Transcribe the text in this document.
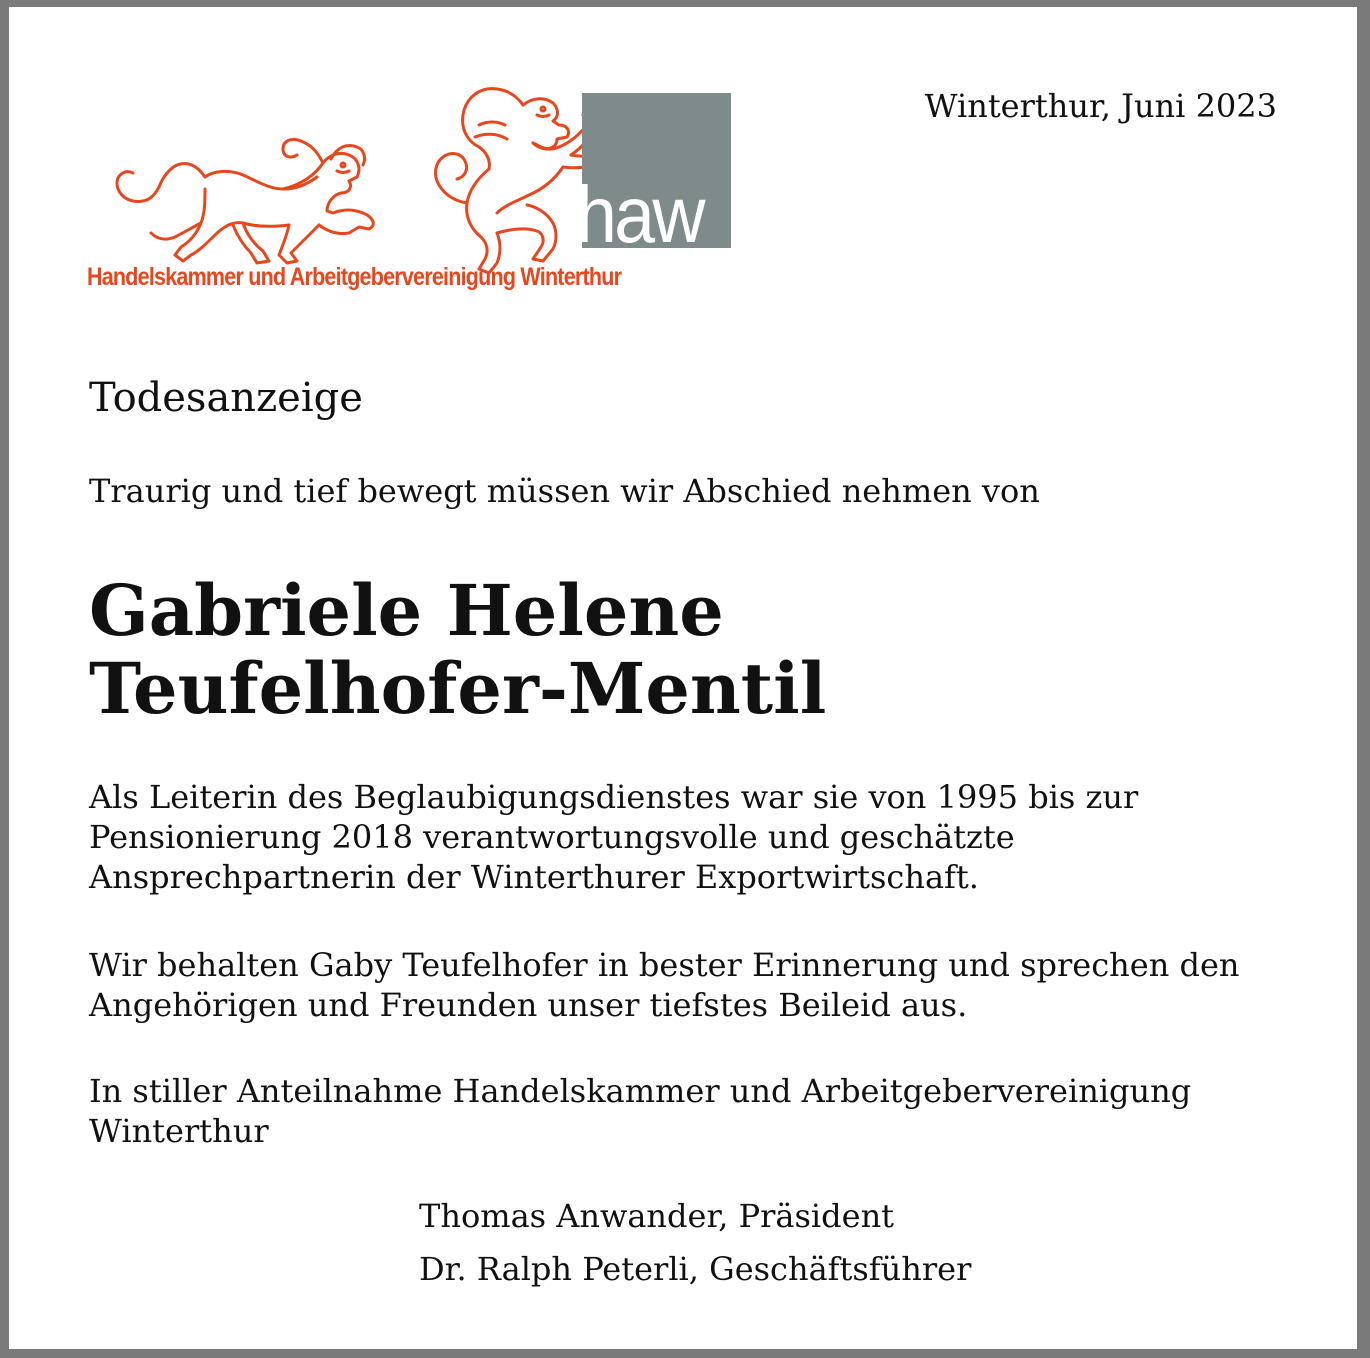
haw
Handelskammer und Arbeitgebervereinigung Winterthur
Winterthur, Juni 2023
Todesanzeige
Traurig und tief bewegt müssen wir Abschied nehmen von
Gabriele Helene
Teufelhofer-Mentil
Als Leiterin des Beglaubigungsdienstes war sie von 1995 bis zur Pensionierung 2018 verantwortungsvolle und geschätzte Ansprechpartnerin der Winterthurer Exportwirtschaft.
Wir behalten Gaby Teufelhofer in bester Erinnerung und sprechen den Angehörigen und Freunden unser tiefstes Beileid aus.
In stiller Anteilnahme Handelskammer und Arbeitgebervereinigung Winterthur
Thomas Anwander, Präsident
Dr. Ralph Peterli, Geschäftsführer
